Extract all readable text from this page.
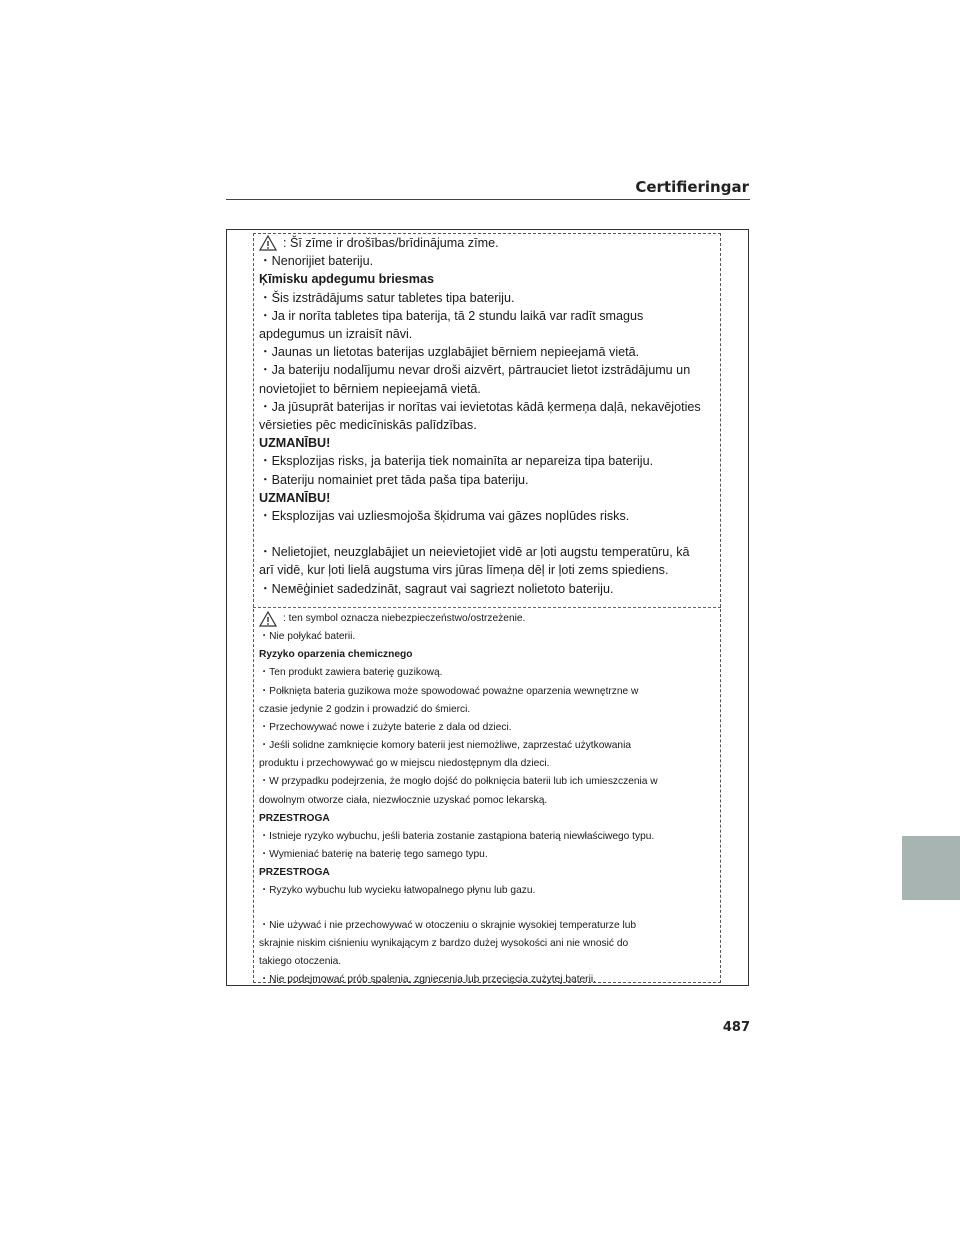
Certifieringar
: Šī zīme ir drošības/brīdinājuma zīme.
・Nenorijiet bateriju.
Ķīmisku apdegumu briesmas
・Šis izstrādājums satur tabletes tipa bateriju.
・Ja ir norīta tabletes tipa baterija, tā 2 stundu laikā var radīt smagus
apdegumus un izraisīt nāvi.
・Jaunas un lietotas baterijas uzglabājiet bērniem nepieejamā vietā.
・Ja bateriju nodalījumu nevar droši aizvērt, pārtrauciet lietot izstrādājumu un
novietojiet to bērniem nepieejamā vietā.
・Ja jūsuprāt baterijas ir norītas vai ievietotas kādā ķermeņa daļā, nekavējoties
vērsieties pēc medicīniskās palīdzības.
UZMANĪBU!
・Eksplozijas risks, ja baterija tiek nomainīta ar nepareiza tipa bateriju.
・Bateriju nomainiet pret tāda paša tipa bateriju.
UZMANĪBU!
・Eksplozijas vai uzliesmojoša šķidruma vai gāzes noplūdes risks.
・Nelietojiet, neuzglabājiet un neievietojiet vidē ar ļoti augstu temperatūru, kā
arī vidē, kur ļoti lielā augstuma virs jūras līmeņa dēļ ir ļoti zems spiediens.
・Neмēģiniet sadedzināt, sagraut vai sagriezt nolietoto bateriju.
: ten symbol oznacza niebezpieczeństwo/ostrzeżenie.
・Nie połykać baterii.
Ryzyko oparzenia chemicznego
・Ten produkt zawiera baterię guzikową.
・Połknięta bateria guzikowa może spowodować poważne oparzenia wewnętrzne w
czasie jedynie 2 godzin i prowadzić do śmierci.
・Przechowywać nowe i zużyte baterie z dala od dzieci.
・Jeśli solidne zamknięcie komory baterii jest niemożliwe, zaprzestać użytkowania
produktu i przechowywać go w miejscu niedostępnym dla dzieci.
・W przypadku podejrzenia, że mogło dojść do połknięcia baterii lub ich umieszczenia w
dowolnym otworze ciała, niezwłocznie uzyskać pomoc lekarską.
PRZESTROGA
・Istnieje ryzyko wybuchu, jeśli bateria zostanie zastąpiona baterią niewłaściwego typu.
・Wymieniać baterię na baterię tego samego typu.
PRZESTROGA
・Ryzyko wybuchu lub wycieku łatwopalnego płynu lub gazu.
・Nie używać i nie przechowywać w otoczeniu o skrajnie wysokiej temperaturze lub
skrajnie niskim ciśnieniu wynikającym z bardzo dużej wysokości ani nie wnosić do
takiego otoczenia.
・Nie podejmować prób spalenia, zgniecenia lub przecięcia zużytej baterii.
487
